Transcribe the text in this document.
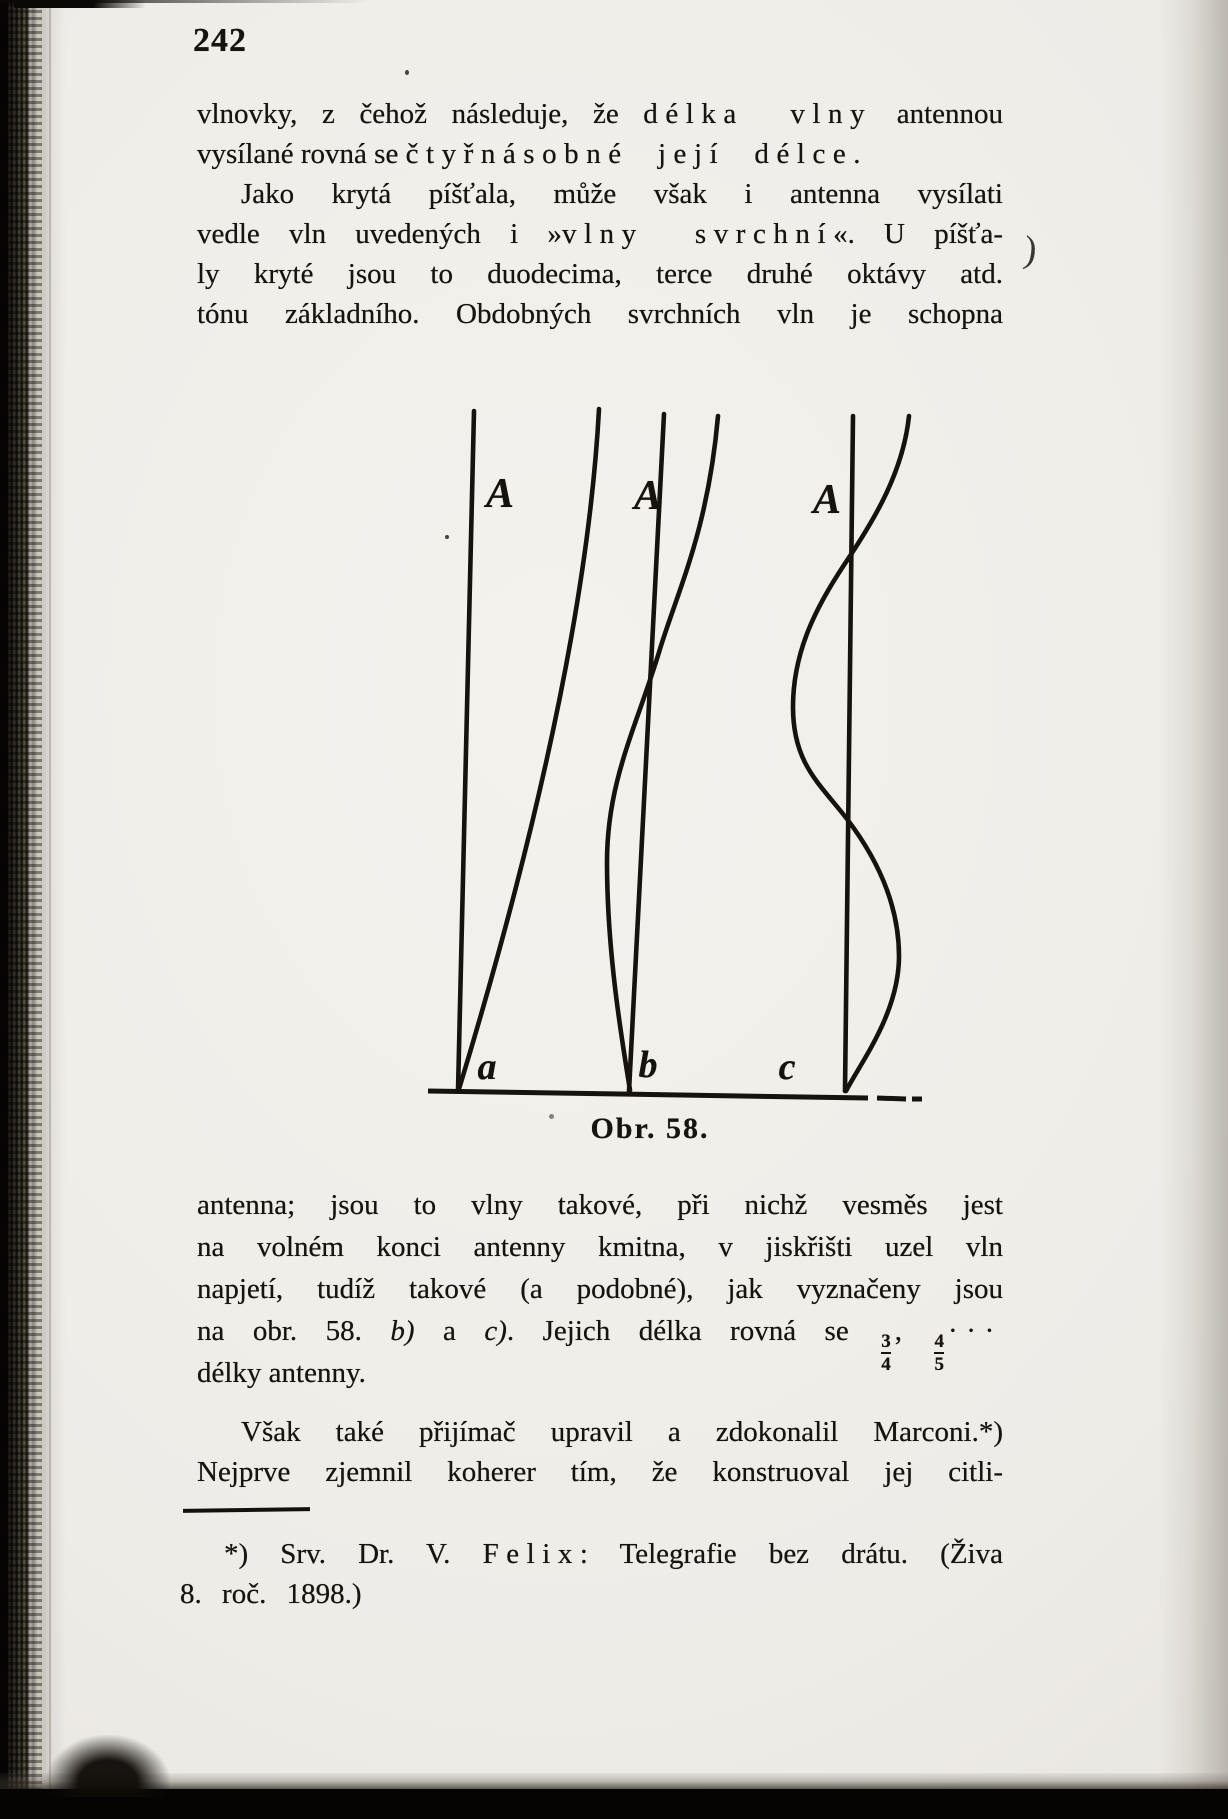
)
242
vlnovky, z čehož následuje, že délka vlny antennou
vysílané rovná se čtyřnásobné její délce.
Jako krytá píšťala, může však i antenna vysílati
vedle vln uvedených i »vlny svrchní«. U píšťa-
ly kryté jsou to duodecima, terce druhé oktávy atd.
tónu základního. Obdobných svrchních vln je schopna
A	A	A
a	b	c
Obr. 58.
antenna; jsou to vlny takové, při nichž vesměs jest
na volném konci antenny kmitna, v jiskřišti uzel vln
napjetí, tudíž takové (a podobné), jak vyznačeny jsou
na obr. 58. b) a c). Jejich délka rovná se
$\frac{3}{4}$
,
$\frac{4}{5}$
···
délky antenny.
Však také přijímač upravil a zdokonalil Marconi.*)
Nejprve zjemnil koherer tím, že konstruoval jej citli-
*) Srv. Dr. V. Felix: Telegrafie bez drátu. (Živa
8. roč. 1898.)
